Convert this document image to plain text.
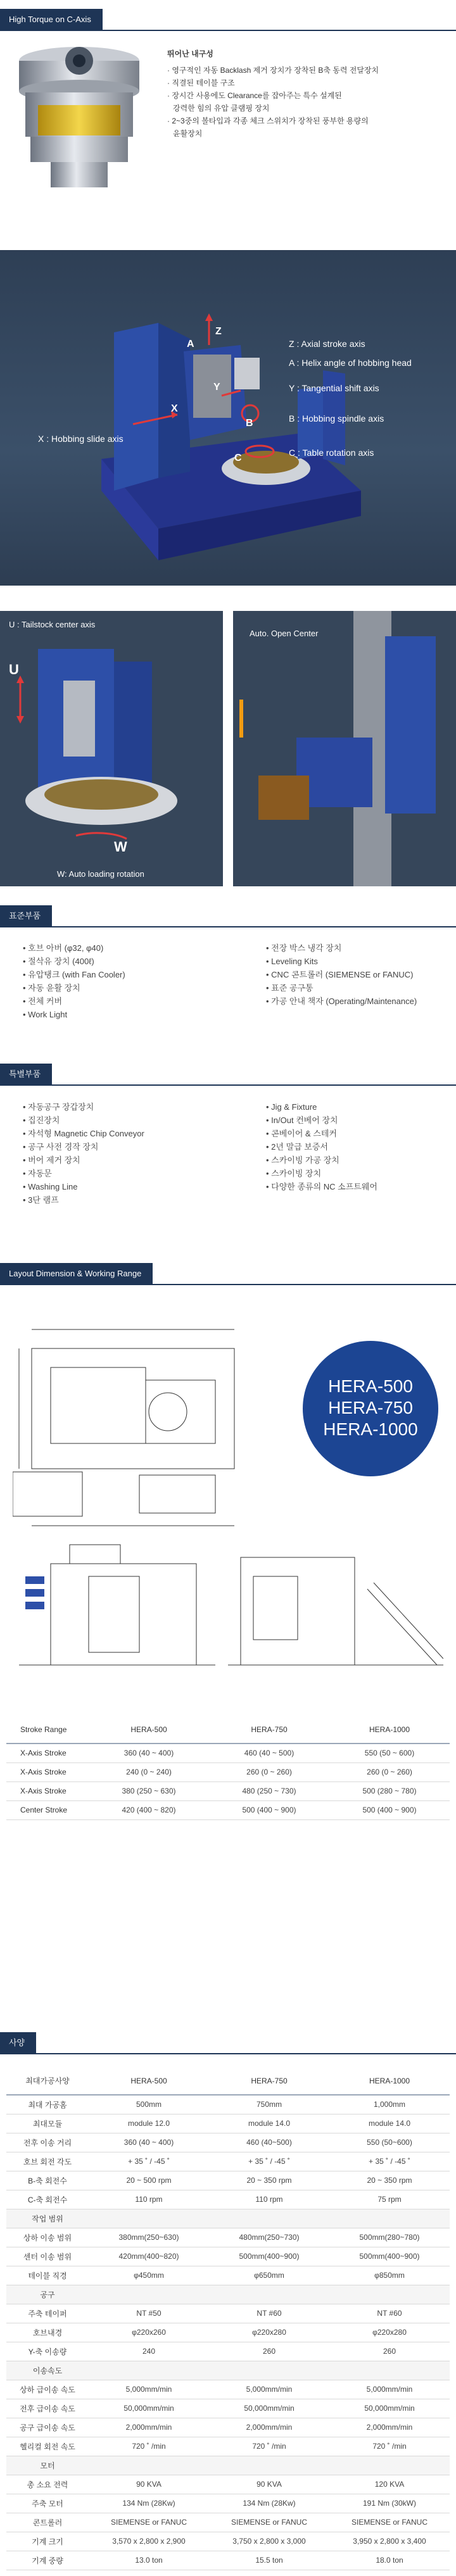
High Torque on C-Axis
뛰어난 내구성
· 영구적인 자동 Backlash 제거 장치가 장착된 B축 동력 전달장치
· 직결된 테이블 구조
· 장시간 사용에도 Clearance를 잡아주는 특수 설계된
강력한 힘의 유압 클램핑 장치
· 2~3중의 볼타입과 각종 체크 스위치가 장착된 풍부한 용량의
윤활장치
X
A
Y
Z
B
C
Z : Axial stroke axis
A : Helix angle of hobbing head
Y : Tangential shift axis
B : Hobbing spindle axis
C : Table rotation axis
X : Hobbing slide axis
U : Tailstock center axis
U
W
W: Auto loading rotation
Auto. Open Center
표준부품
• 호브 아버 (φ32, φ40)
• 절삭유 장치 (400ℓ)
• 유압탱크 (with Fan Cooler)
• 자동 윤활 장치
• 전체 커버
• Work Light
• 전장 박스 냉각 장치
• Leveling Kits
• CNC 콘트롤러 (SIEMENSE or FANUC)
• 표준 공구통
• 가공 안내 책자 (Operating/Maintenance)
특별부품
• 자동공구 장갑장치
• 집진장치
• 자석형 Magnetic Chip Conveyor
• 공구 사전 경작 장치
• 버어 제거 장치
• 자동문
• Washing Line
• 3단 램프
• Jig & Fixture
• In/Out 컨베어 장치
• 콘베이어 & 스테커
• 2년 말급 보증서
• 스카이빙 가공 장치
• 스카이빙 장치
• 다양한 종류의 NC 소프트웨어
Layout Dimension & Working Range
HERA-500
HERA-750
HERA-1000
Stroke Range	HERA-500	HERA-750	HERA-1000
X-Axis Stroke	360 (40 ~ 400)	460 (40 ~ 500)	550 (50 ~ 600)
X-Axis Stroke	240 (0 ~ 240)	260 (0 ~ 260)	260 (0 ~ 260)
X-Axis Stroke	380 (250 ~ 630)	480 (250 ~ 730)	500 (280 ~ 780)
Center Stroke	420 (400 ~ 820)	500 (400 ~ 900)	500 (400 ~ 900)
사양
최대가공사양	HERA-500	HERA-750	HERA-1000
최대 가공홈	500mm	750mm	1,000mm
최대모듈	module 12.0	module 14.0	module 14.0
전후 이송 거리	360 (40 ~ 400)	460 (40~500)	550 (50~600)
호브 회전 각도	+ 35 ˚ / -45 ˚	+ 35 ˚ / -45 ˚	+ 35 ˚ / -45 ˚
B-축 회전수	20 ~ 500 rpm	20 ~ 350 rpm	20 ~ 350 rpm
C-축 회전수	110 rpm	110 rpm	75 rpm
작업 범위			
상하 이송 범위	380mm(250~630)	480mm(250~730)	500mm(280~780)
센터 이송 범위	420mm(400~820)	500mm(400~900)	500mm(400~900)
테이블 직경	φ450mm	φ650mm	φ850mm
공구			
주축 테이퍼	NT #50	NT #60	NT #60
호브내경	φ220x260	φ220x280	φ220x280
Y-축 이송량	240	260	260
이송속도			
상하 급이송 속도	5,000mm/min	5,000mm/min	5,000mm/min
전후 급이송 속도	50,000mm/min	50,000mm/min	50,000mm/min
공구 급이송 속도	2,000mm/min	2,000mm/min	2,000mm/min
헬리컬 회전 속도	720 ˚ /min	720 ˚ /min	720 ˚ /min
모터			
총 소요 전력	90 KVA	90 KVA	120 KVA
주축 모터	134 Nm (28Kw)	134 Nm (28Kw)	191 Nm (30kW)
콘트롤러	SIEMENSE or FANUC	SIEMENSE or FANUC	SIEMENSE or FANUC
기계 크기	3,570 x 2,800 x 2,900	3,750 x 2,800 x 3,000	3,950 x 2,800 x 3,400
기계 중량	13.0 ton	15.5 ton	18.0 ton
